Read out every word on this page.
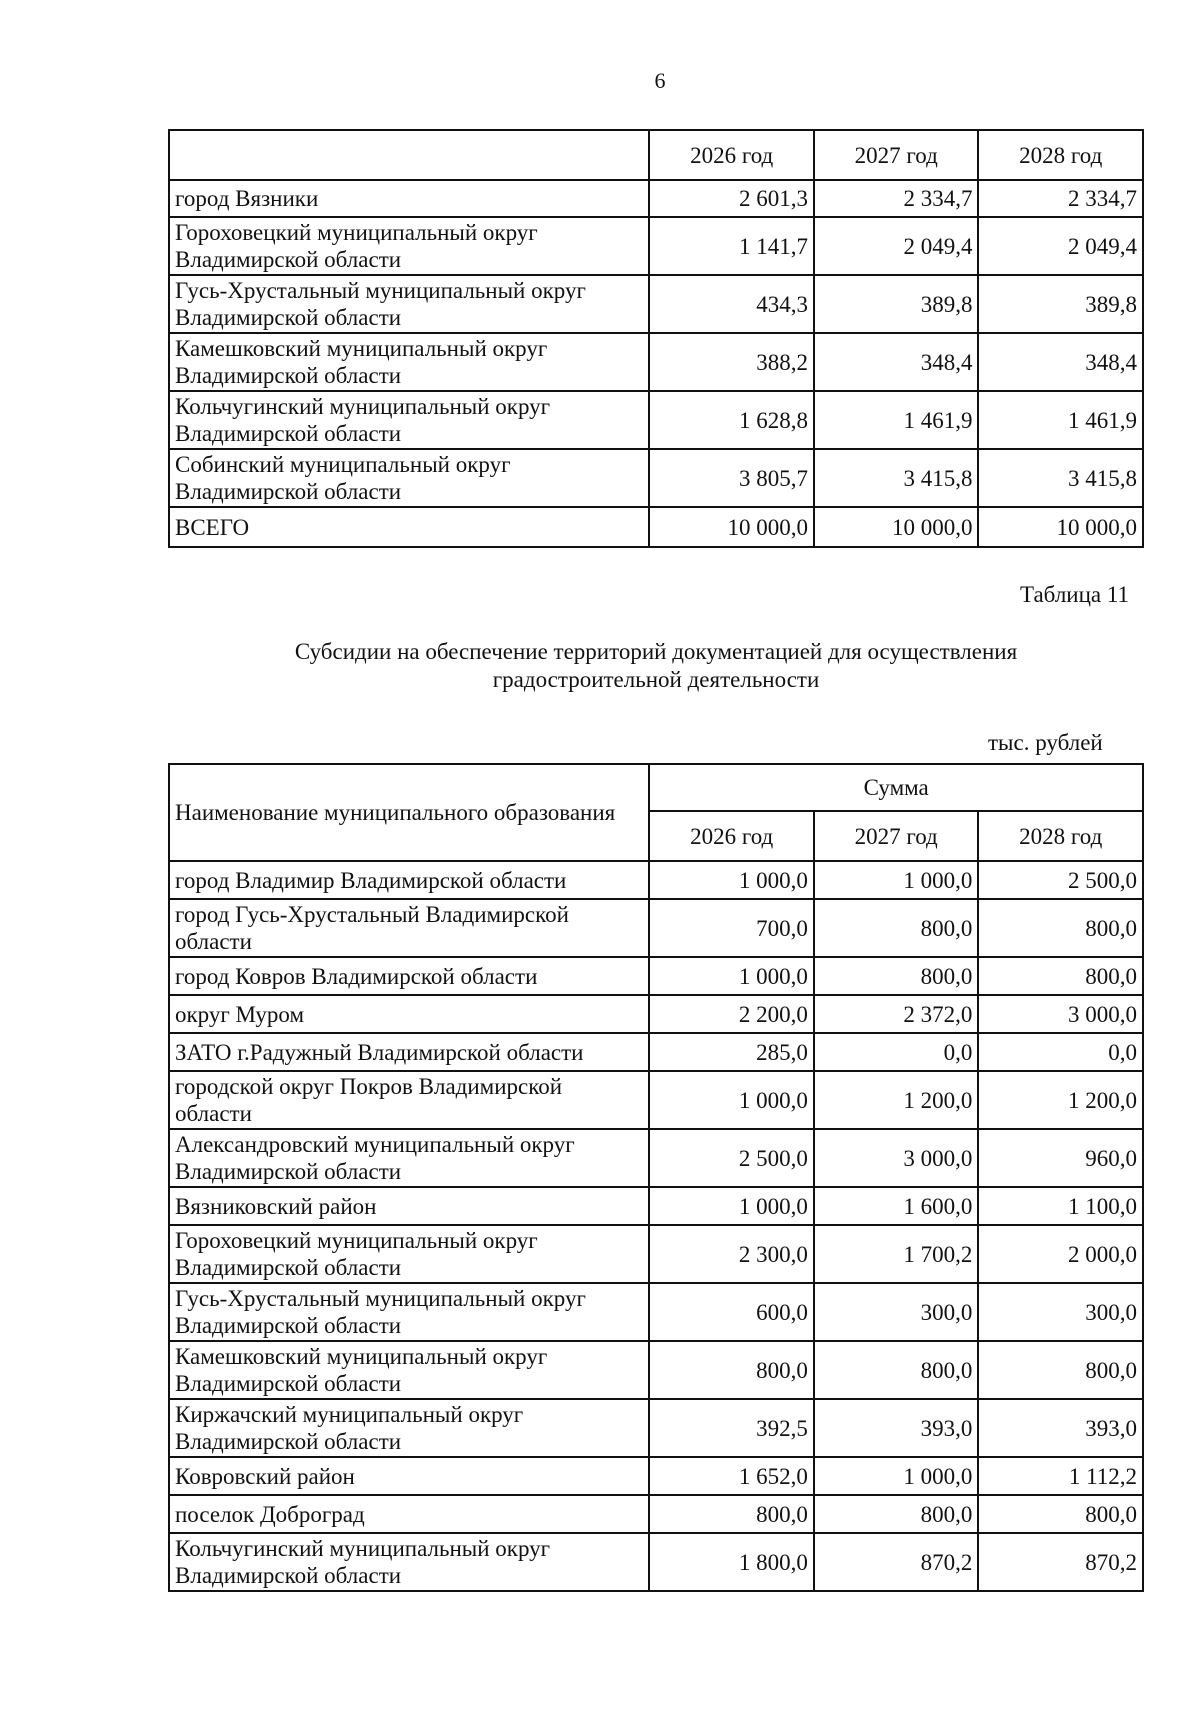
6
	2026 год	2027 год	2028 год
город Вязники	2 601,3	2 334,7	2 334,7
Гороховецкий муниципальный округ Владимирской области	1 141,7	2 049,4	2 049,4
Гусь-Хрустальный муниципальный округ Владимирской области	434,3	389,8	389,8
Камешковский муниципальный округ Владимирской области	388,2	348,4	348,4
Кольчугинский муниципальный округ Владимирской области	1 628,8	1 461,9	1 461,9
Собинский муниципальный округ Владимирской области	3 805,7	3 415,8	3 415,8
ВСЕГО	10 000,0	10 000,0	10 000,0
Таблица 11
Субсидии на обеспечение территорий документацией для осуществления
градостроительной деятельности
тыс. рублей
Наименование муниципального образования	Сумма		
	2026 год	2027 год	2028 год
город Владимир Владимирской области	1 000,0	1 000,0	2 500,0
город Гусь-Хрустальный Владимирской области	700,0	800,0	800,0
город Ковров Владимирской области	1 000,0	800,0	800,0
округ Муром	2 200,0	2 372,0	3 000,0
ЗАТО г.Радужный Владимирской области	285,0	0,0	0,0
городской округ Покров Владимирской области	1 000,0	1 200,0	1 200,0
Александровский муниципальный округ Владимирской области	2 500,0	3 000,0	960,0
Вязниковский район	1 000,0	1 600,0	1 100,0
Гороховецкий муниципальный округ Владимирской области	2 300,0	1 700,2	2 000,0
Гусь-Хрустальный муниципальный округ Владимирской области	600,0	300,0	300,0
Камешковский муниципальный округ Владимирской области	800,0	800,0	800,0
Киржачский муниципальный округ Владимирской области	392,5	393,0	393,0
Ковровский район	1 652,0	1 000,0	1 112,2
поселок Доброград	800,0	800,0	800,0
Кольчугинский муниципальный округ Владимирской области	1 800,0	870,2	870,2
